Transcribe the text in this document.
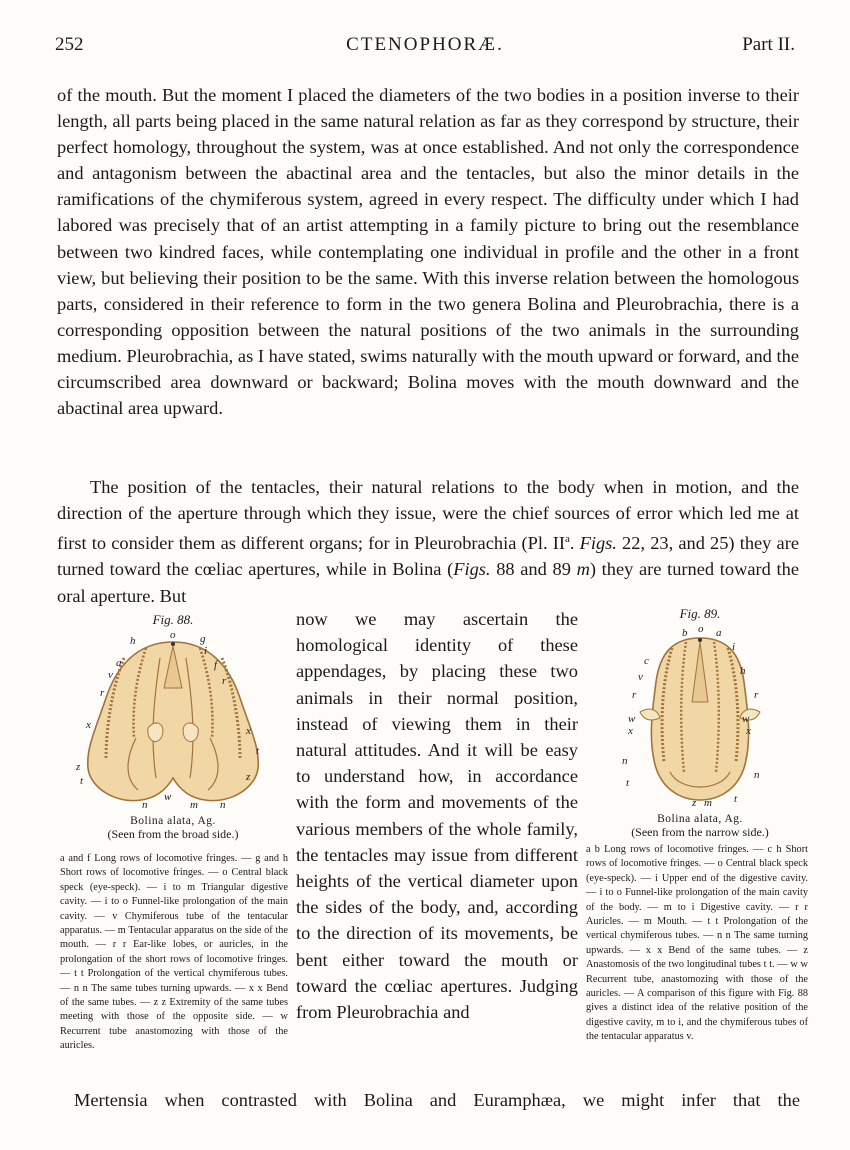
252	CTENOPHORÆ.	Part II.
of the mouth. But the moment I placed the diameters of the two bodies in a position inverse to their length, all parts being placed in the same natural relation as far as they correspond by structure, their perfect homology, throughout the system, was at once established. And not only the correspondence and antagonism between the abactinal area and the tentacles, but also the minor details in the ramifications of the chymiferous system, agreed in every respect. The difficulty under which I had labored was precisely that of an artist attempting in a family picture to bring out the resemblance between two kindred faces, while contemplating one individual in profile and the other in a front view, but believing their position to be the same. With this inverse relation between the homologous parts, considered in their reference to form in the two genera Bolina and Pleurobrachia, there is a corresponding opposition between the natural positions of the two animals in the surrounding medium. Pleurobrachia, as I have stated, swims naturally with the mouth upward or forward, and the circumscribed area downward or backward; Bolina moves with the mouth downward and the abactinal area upward.
The position of the tentacles, their natural relations to the body when in motion, and the direction of the aperture through which they issue, were the chief sources of error which led me at first to consider them as different organs; for in Pleurobrachia (Pl. $II^a$. Figs. 22, 23, and 25) they are turned toward the cœliac apertures, while in Bolina (Figs. 88 and 89 m) they are turned toward the oral aperture. But
Fig. 88.
o g
h
i
a	f
v
r
r
x	x
t
z
t	z
n
w
m n
Bolina alata, Ag.
(Seen from the broad side.)
a and f Long rows of locomotive fringes. — g and h Short rows of locomotive fringes. — o Central black speck (eye-speck). — i to m Triangular digestive cavity. — i to o Funnel-like prolongation of the main cavity. — v Chymiferous tube of the tentacular apparatus. — m Tentacular apparatus on the side of the mouth. — r r Ear-like lobes, or auricles, in the prolongation of the short rows of locomotive fringes. — t t Prolongation of the vertical chymiferous tubes. — n n The same tubes turning upwards. — x x Bend of the same tubes. — z z Extremity of the same tubes meeting with those of the opposite side. — w Recurrent tube anastomozing with those of the auricles.
now we may ascertain the homological identity of these appendages, by placing these two animals in their normal position, instead of viewing them in their natural attitudes. And it will be easy to understand how, in accordance with the form and movements of the various members of the whole family, the tentacles may issue from different heights of the vertical diameter upon the sides of the body, and, according to the direction of its movements, be bent either toward the mouth or toward the cœliac apertures. Judging from Pleurobrachia and
Fig. 89.
b o a
c
i
v	h
r	r
w	w
x	x
n
n
t
t
z m
Bolina alata, Ag.
(Seen from the narrow side.)
a b Long rows of locomotive fringes. — c h Short rows of locomotive fringes. — o Central black speck (eye-speck). — i Upper end of the digestive cavity. — i to o Funnel-like prolongation of the main cavity of the body. — m to i Digestive cavity. — r r Auricles. — m Mouth. — t t Prolongation of the vertical chymiferous tubes. — n n The same turning upwards. — x x Bend of the same tubes. — z Anastomosis of the two longitudinal tubes t t. — w w Recurrent tube, anastomozing with those of the auricles. — A comparison of this figure with Fig. 88 gives a distinct idea of the relative position of the digestive cavity, m to i, and the chymiferous tubes of the tentacular apparatus v.
Mertensia when contrasted with Bolina and Euramphæa, we might infer that the
